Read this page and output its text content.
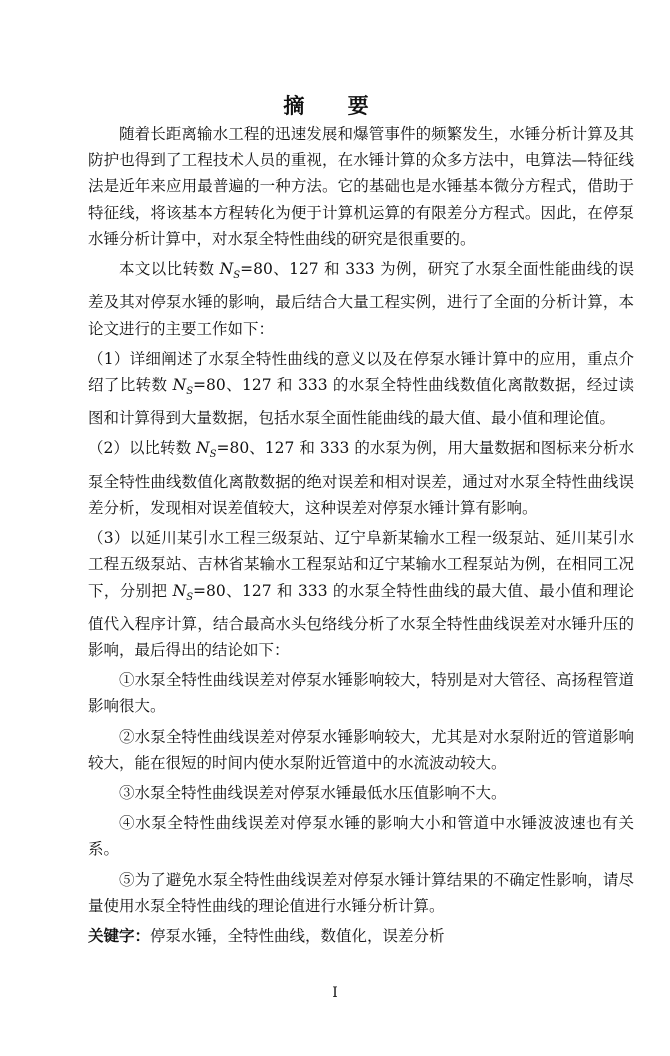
摘 要

随着长距离输水工程的迅速发展和爆管事件的频繁发生，水锤分析计算及其防护也得到了工程技术人员的重视，在水锤计算的众多方法中，电算法—特征线法是近年来应用最普遍的一种方法。它的基础也是水锤基本微分方程式，借助于特征线，将该基本方程转化为便于计算机运算的有限差分方程式。因此，在停泵水锤分析计算中，对水泵全特性曲线的研究是很重要的。

本文以比转数 $N_S=80$、127 和 333 为例，研究了水泵全面性能曲线的误差及其对停泵水锤的影响，最后结合大量工程实例，进行了全面的分析计算，本论文进行的主要工作如下：

（1）详细阐述了水泵全特性曲线的意义以及在停泵水锤计算中的应用，重点介绍了比转数 $N_S=80$、127 和 333 的水泵全特性曲线数值化离散数据，经过读图和计算得到大量数据，包括水泵全面性能曲线的最大值、最小值和理论值。

（2）以比转数 $N_S=80$、127 和 333 的水泵为例，用大量数据和图标来分析水泵全特性曲线数值化离散数据的绝对误差和相对误差，通过对水泵全特性曲线误差分析，发现相对误差值较大，这种误差对停泵水锤计算有影响。

（3）以延川某引水工程三级泵站、辽宁阜新某输水工程一级泵站、延川某引水工程五级泵站、吉林省某输水工程泵站和辽宁某输水工程泵站为例，在相同工况下，分别把 $N_S=80$、127 和 333 的水泵全特性曲线的最大值、最小值和理论值代入程序计算，结合最高水头包络线分析了水泵全特性曲线误差对水锤升压的影响，最后得出的结论如下：

①水泵全特性曲线误差对停泵水锤影响较大，特别是对大管径、高扬程管道影响很大。

②水泵全特性曲线误差对停泵水锤影响较大，尤其是对水泵附近的管道影响较大，能在很短的时间内使水泵附近管道中的水流波动较大。

③水泵全特性曲线误差对停泵水锤最低水压值影响不大。

④水泵全特性曲线误差对停泵水锤的影响大小和管道中水锤波波速也有关系。

⑤为了避免水泵全特性曲线误差对停泵水锤计算结果的不确定性影响，请尽量使用水泵全特性曲线的理论值进行水锤分析计算。

关键字：停泵水锤，全特性曲线，数值化，误差分析

I
